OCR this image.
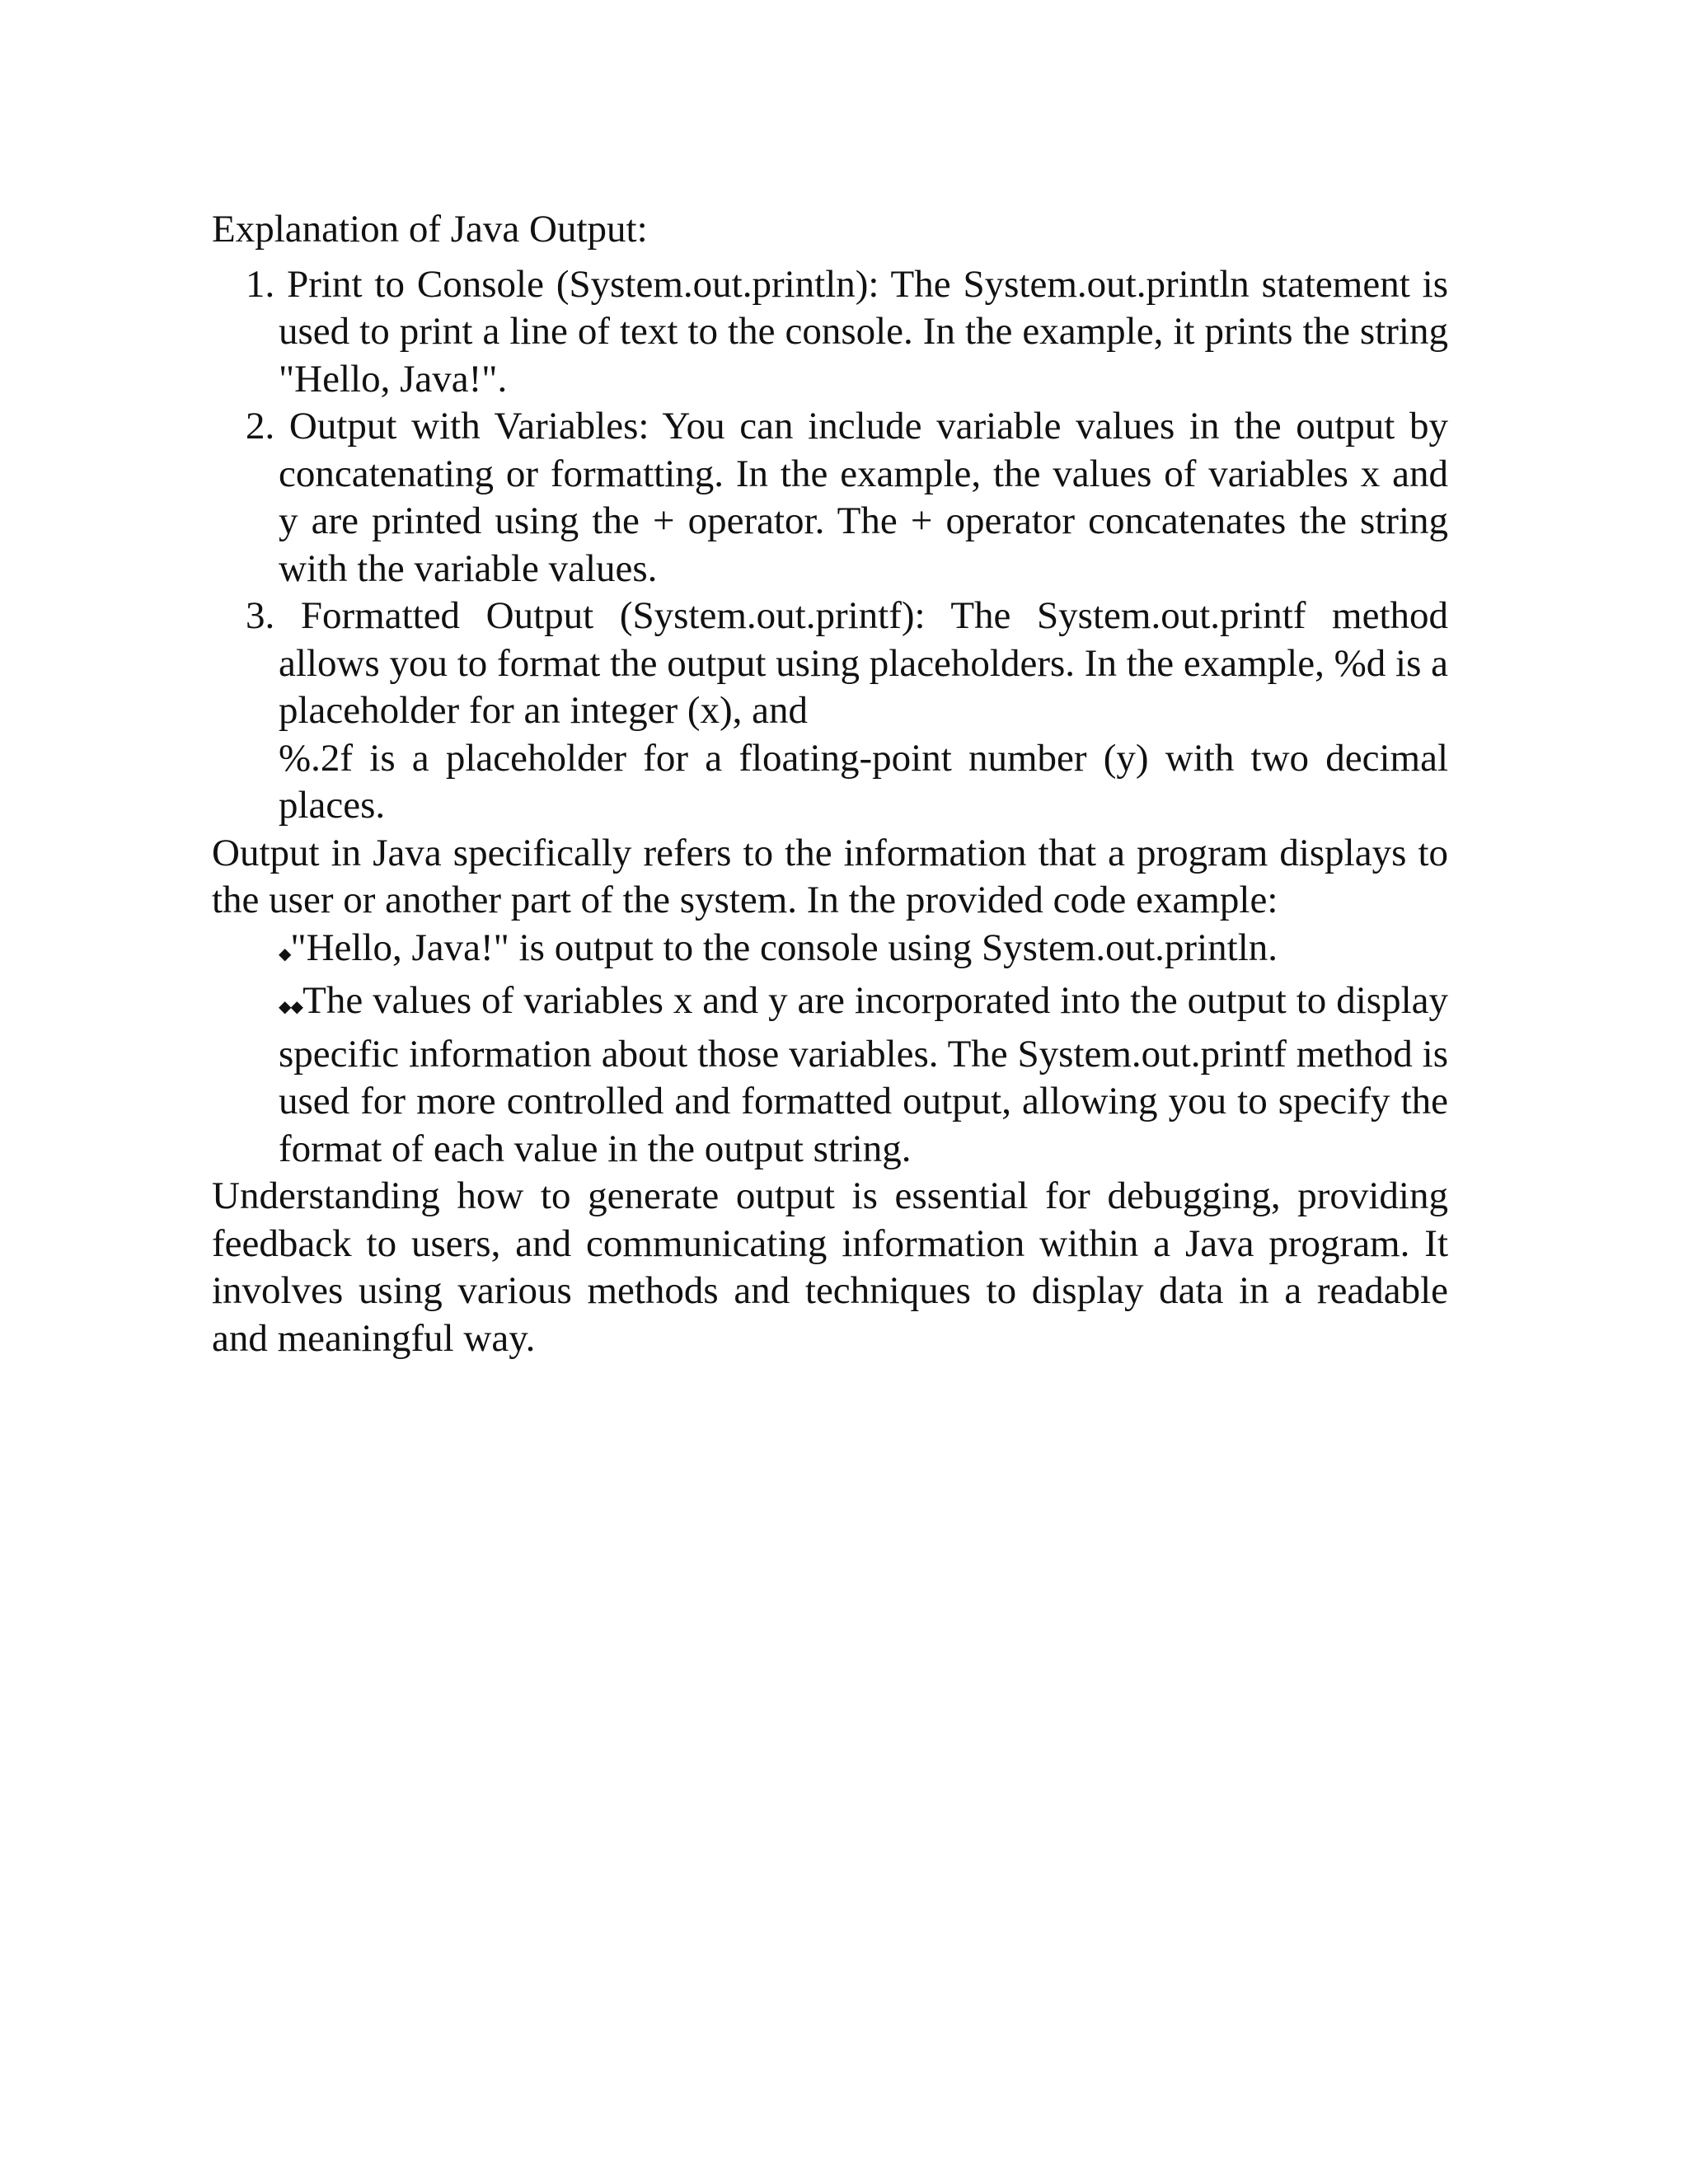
Explanation of Java Output:

1. Print to Console (System.out.println): The System.out.println statement is used to print a line of text to the console. In the example, it prints the string "Hello, Java!".

2. Output with Variables: You can include variable values in the output by concatenating or formatting. In the example, the values of variables x and y are printed using the + operator. The + operator concatenates the string with the variable values.

3. Formatted Output (System.out.printf): The System.out.printf method allows you to format the output using placeholders. In the example, %d is a placeholder for an integer (x), and

%.2f is a placeholder for a floating-point number (y) with two decimal places.

Output in Java specifically refers to the information that a program displays to the user or another part of the system. In the provided code example:

◆"Hello, Java!" is output to the console using System.out.println.

◆◆The values of variables x and y are incorporated into the output to display specific information about those variables. The System.out.printf method is used for more controlled and formatted output, allowing you to specify the format of each value in the output string.

Understanding how to generate output is essential for debugging, providing feedback to users, and communicating information within a Java program. It involves using various methods and techniques to display data in a readable and meaningful way.
